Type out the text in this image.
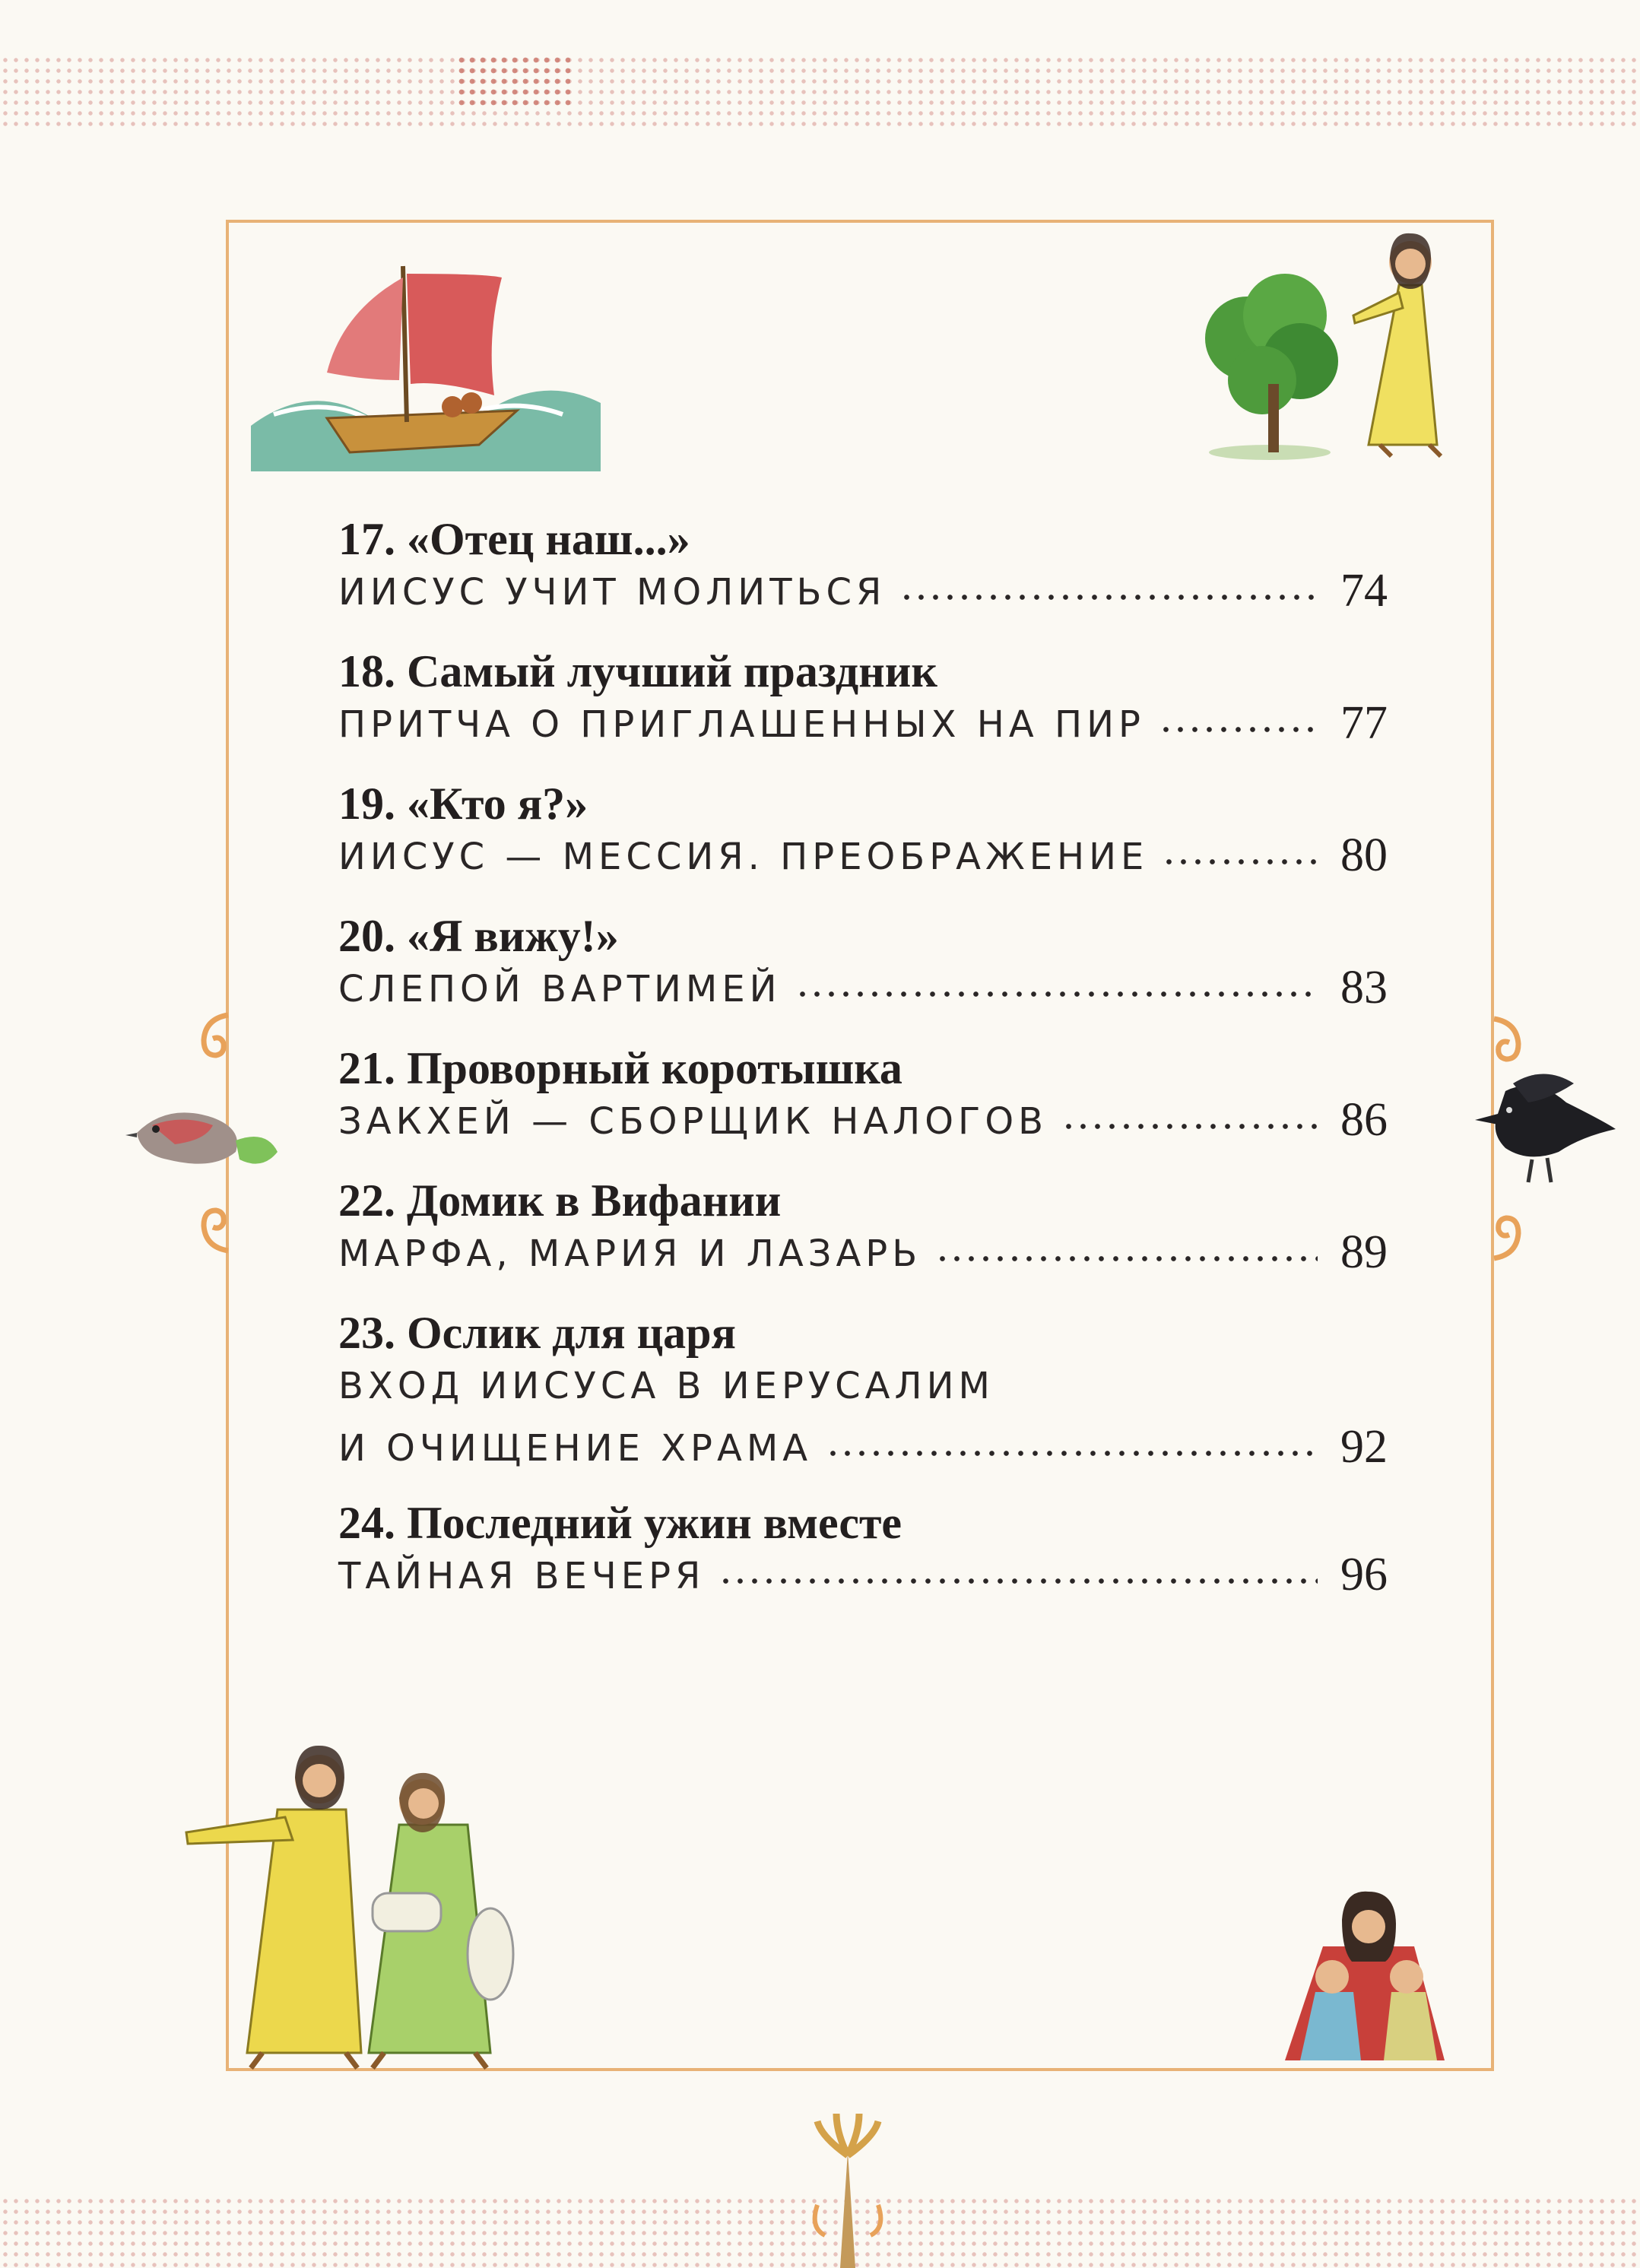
17. «Отец наш...»
ИИСУС УЧИТ МОЛИТЬСЯ	74
18. Самый лучший праздник
ПРИТЧА О ПРИГЛАШЕННЫХ НА ПИР	77
19. «Кто я?»
ИИСУС — МЕССИЯ. ПРЕОБРАЖЕНИЕ	80
20. «Я вижу!»
СЛЕПОЙ ВАРТИМЕЙ	83
21. Проворный коротышка
ЗАКХЕЙ — СБОРЩИК НАЛОГОВ	86
22. Домик в Вифании
МАРФА, МАРИЯ И ЛАЗАРЬ	89
23. Ослик для царя
ВХОД ИИСУСА В ИЕРУСАЛИМ
И ОЧИЩЕНИЕ ХРАМА	92
24. Последний ужин вместе
ТАЙНАЯ ВЕЧЕРЯ	96
